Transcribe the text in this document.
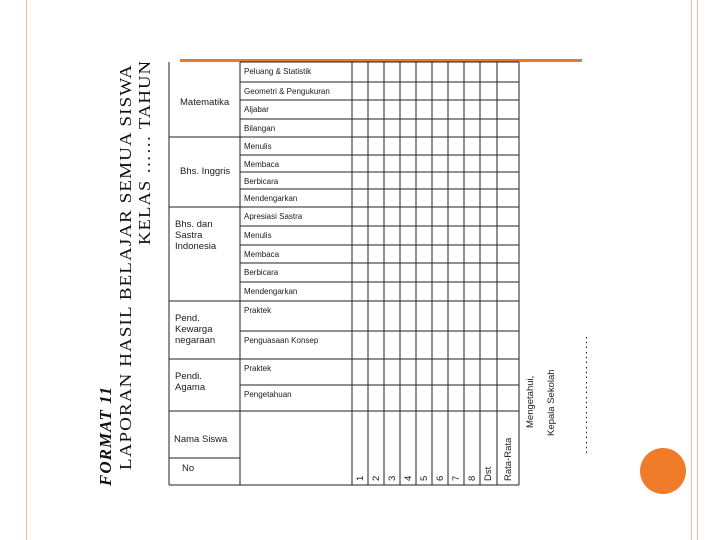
FORMAT 11 LAPORAN HASIL BELAJAR SEMUA SISWA KELAS …… TAHUN	Matematika
Peluang & Statistik
Geometri & Pengukuran
Aljabar
Bilangan
Bhs. Inggris
Menulis
Membaca
Berbicara
Mendengarkan
Bhs. dan
Sastra
Indonesia
Apresiasi Sastra
Menulis
Membaca
Berbicara
Mendengarkan
Pend.
Kewarga
negaraan
Praktek
Penguasaan Konsep
Pendi.
Agama
Praktek
Pengetahuan
Nama Siswa
No
1 2 3 4 5 6 7 8 Dst Rata-Rata
Mengetahui, Kepala Sekolah ……………………
